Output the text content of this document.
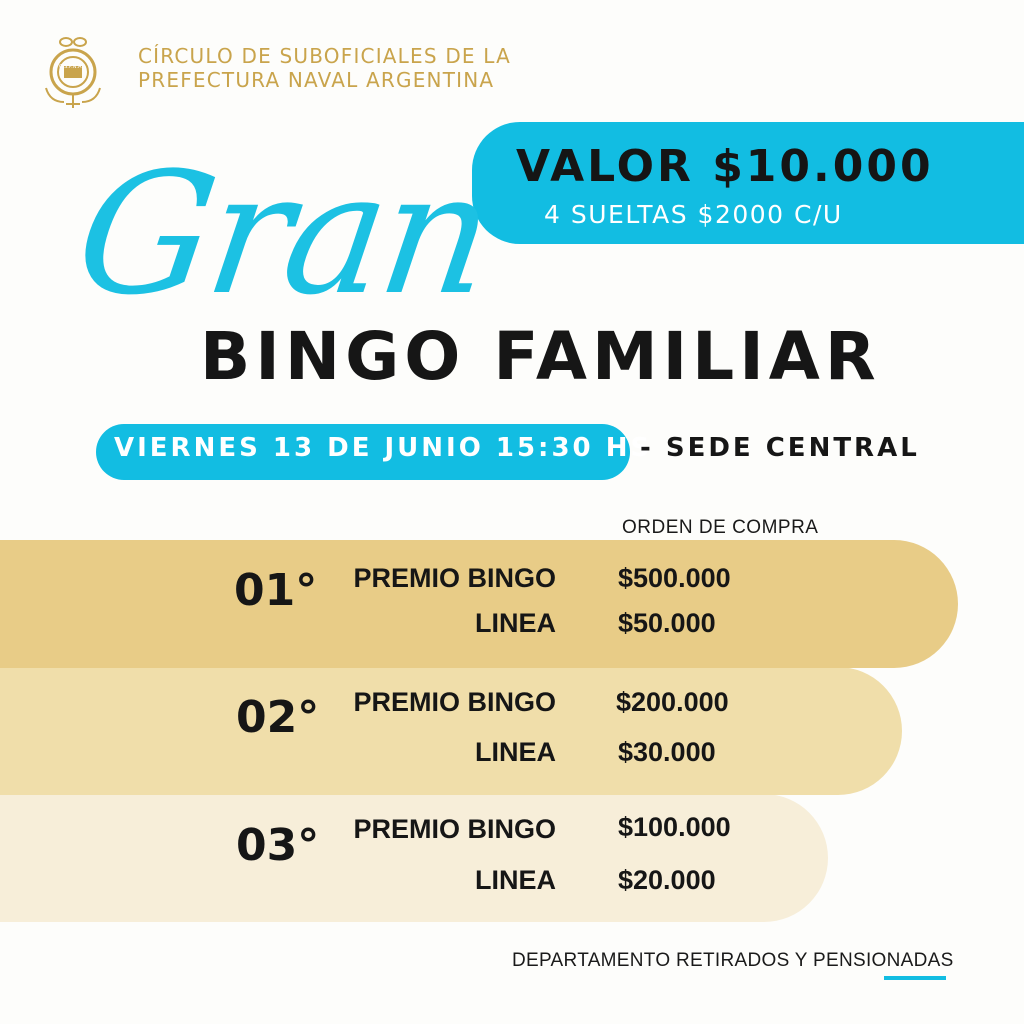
C.S.P.N.A	CÍRCULO DE SUBOFICIALES DE LA
PREFECTURA NAVAL ARGENTINA
VALOR $10.000
4 SUELTAS $2000 C/U
Gran
BINGO FAMILIAR
VIERNES 13 DE JUNIO 15:30 HS
- SEDE CENTRAL
ORDEN DE COMPRA
01°	PREMIO BINGO $500.000
LINEA $50.000
02°	PREMIO BINGO $200.000
LINEA $30.000
03°	PREMIO BINGO $100.000
LINEA $20.000
DEPARTAMENTO RETIRADOS Y PENSIONADAS
